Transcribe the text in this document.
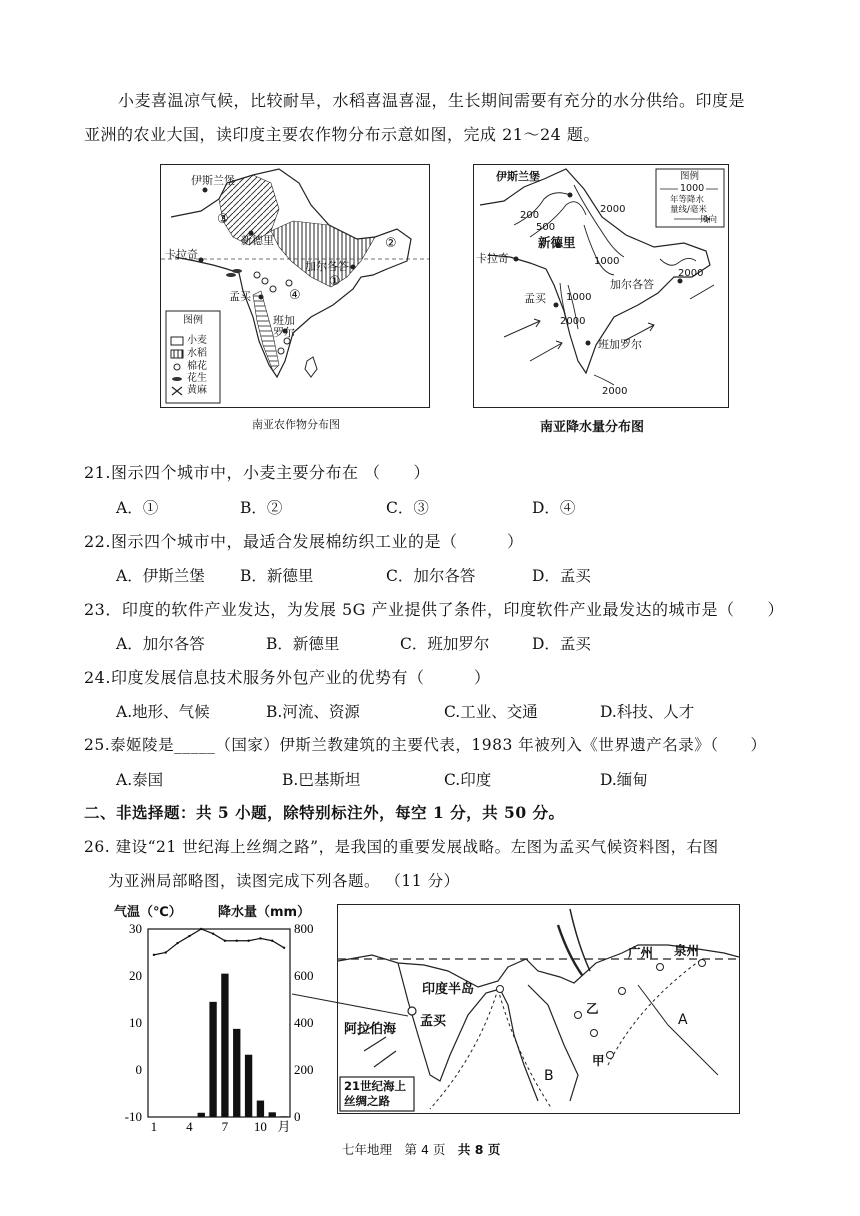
小麦喜温凉气候，比较耐旱，水稻喜温喜湿，生长期间需要有充分的水分供给。印度是
亚洲的农业大国，读印度主要农作物分布示意如图，完成 21～24 题。
伊斯兰堡
新德里
卡拉奇
加尔各答
孟买
班加罗尔
③
②
①
④
图例
小麦
水稻
棉花
花生
黄麻
南亚农作物分布图
伊斯兰堡
新德里
卡拉奇
加尔各答
孟买
班加罗尔
200
500
1000
2000
2000
1000
2000
2000
图例
1000
年等降水
量线/毫米
风向
南亚降水量分布图
21.图示四个城市中，小麦主要分布在 （　　）
A．①	B．②	C．③	D．④
22.图示四个城市中，最适合发展棉纺织工业的是（　　　）
A．伊斯兰堡 B．新德里	C．加尔各答	D．孟买
23．印度的软件产业发达，为发展 5G 产业提供了条件，印度软件产业最发达的城市是（　　）
A．加尔各答	B．新德里	C．班加罗尔	D．孟买
24.印度发展信息技术服务外包产业的优势有（　　　）
A.地形、气候	B.河流、资源	C.工业、交通	D.科技、人才
25.泰姬陵是_____（国家）伊斯兰教建筑的主要代表，1983 年被列入《世界遗产名录》（　　）
A.泰国	B.巴基斯坦	C.印度	D.缅甸
二、非选择题：共 5 小题，除特别标注外，每空 1 分，共 50 分。
26. 建设“21 世纪海上丝绸之路”，是我国的重要发展战略。左图为孟买气候资料图，右图
为亚洲局部略图，读图完成下列各题。 （11 分）
气温（℃）	降水量（mm）
30
20
10
0
-10
800
600
400
200
0
1 4 7 10 月
印度半岛
孟买
阿拉伯海
广州 泉州
乙
甲
A
B
21世纪海上
丝绸之路
七年地理　第 4 页　 共 8 页
